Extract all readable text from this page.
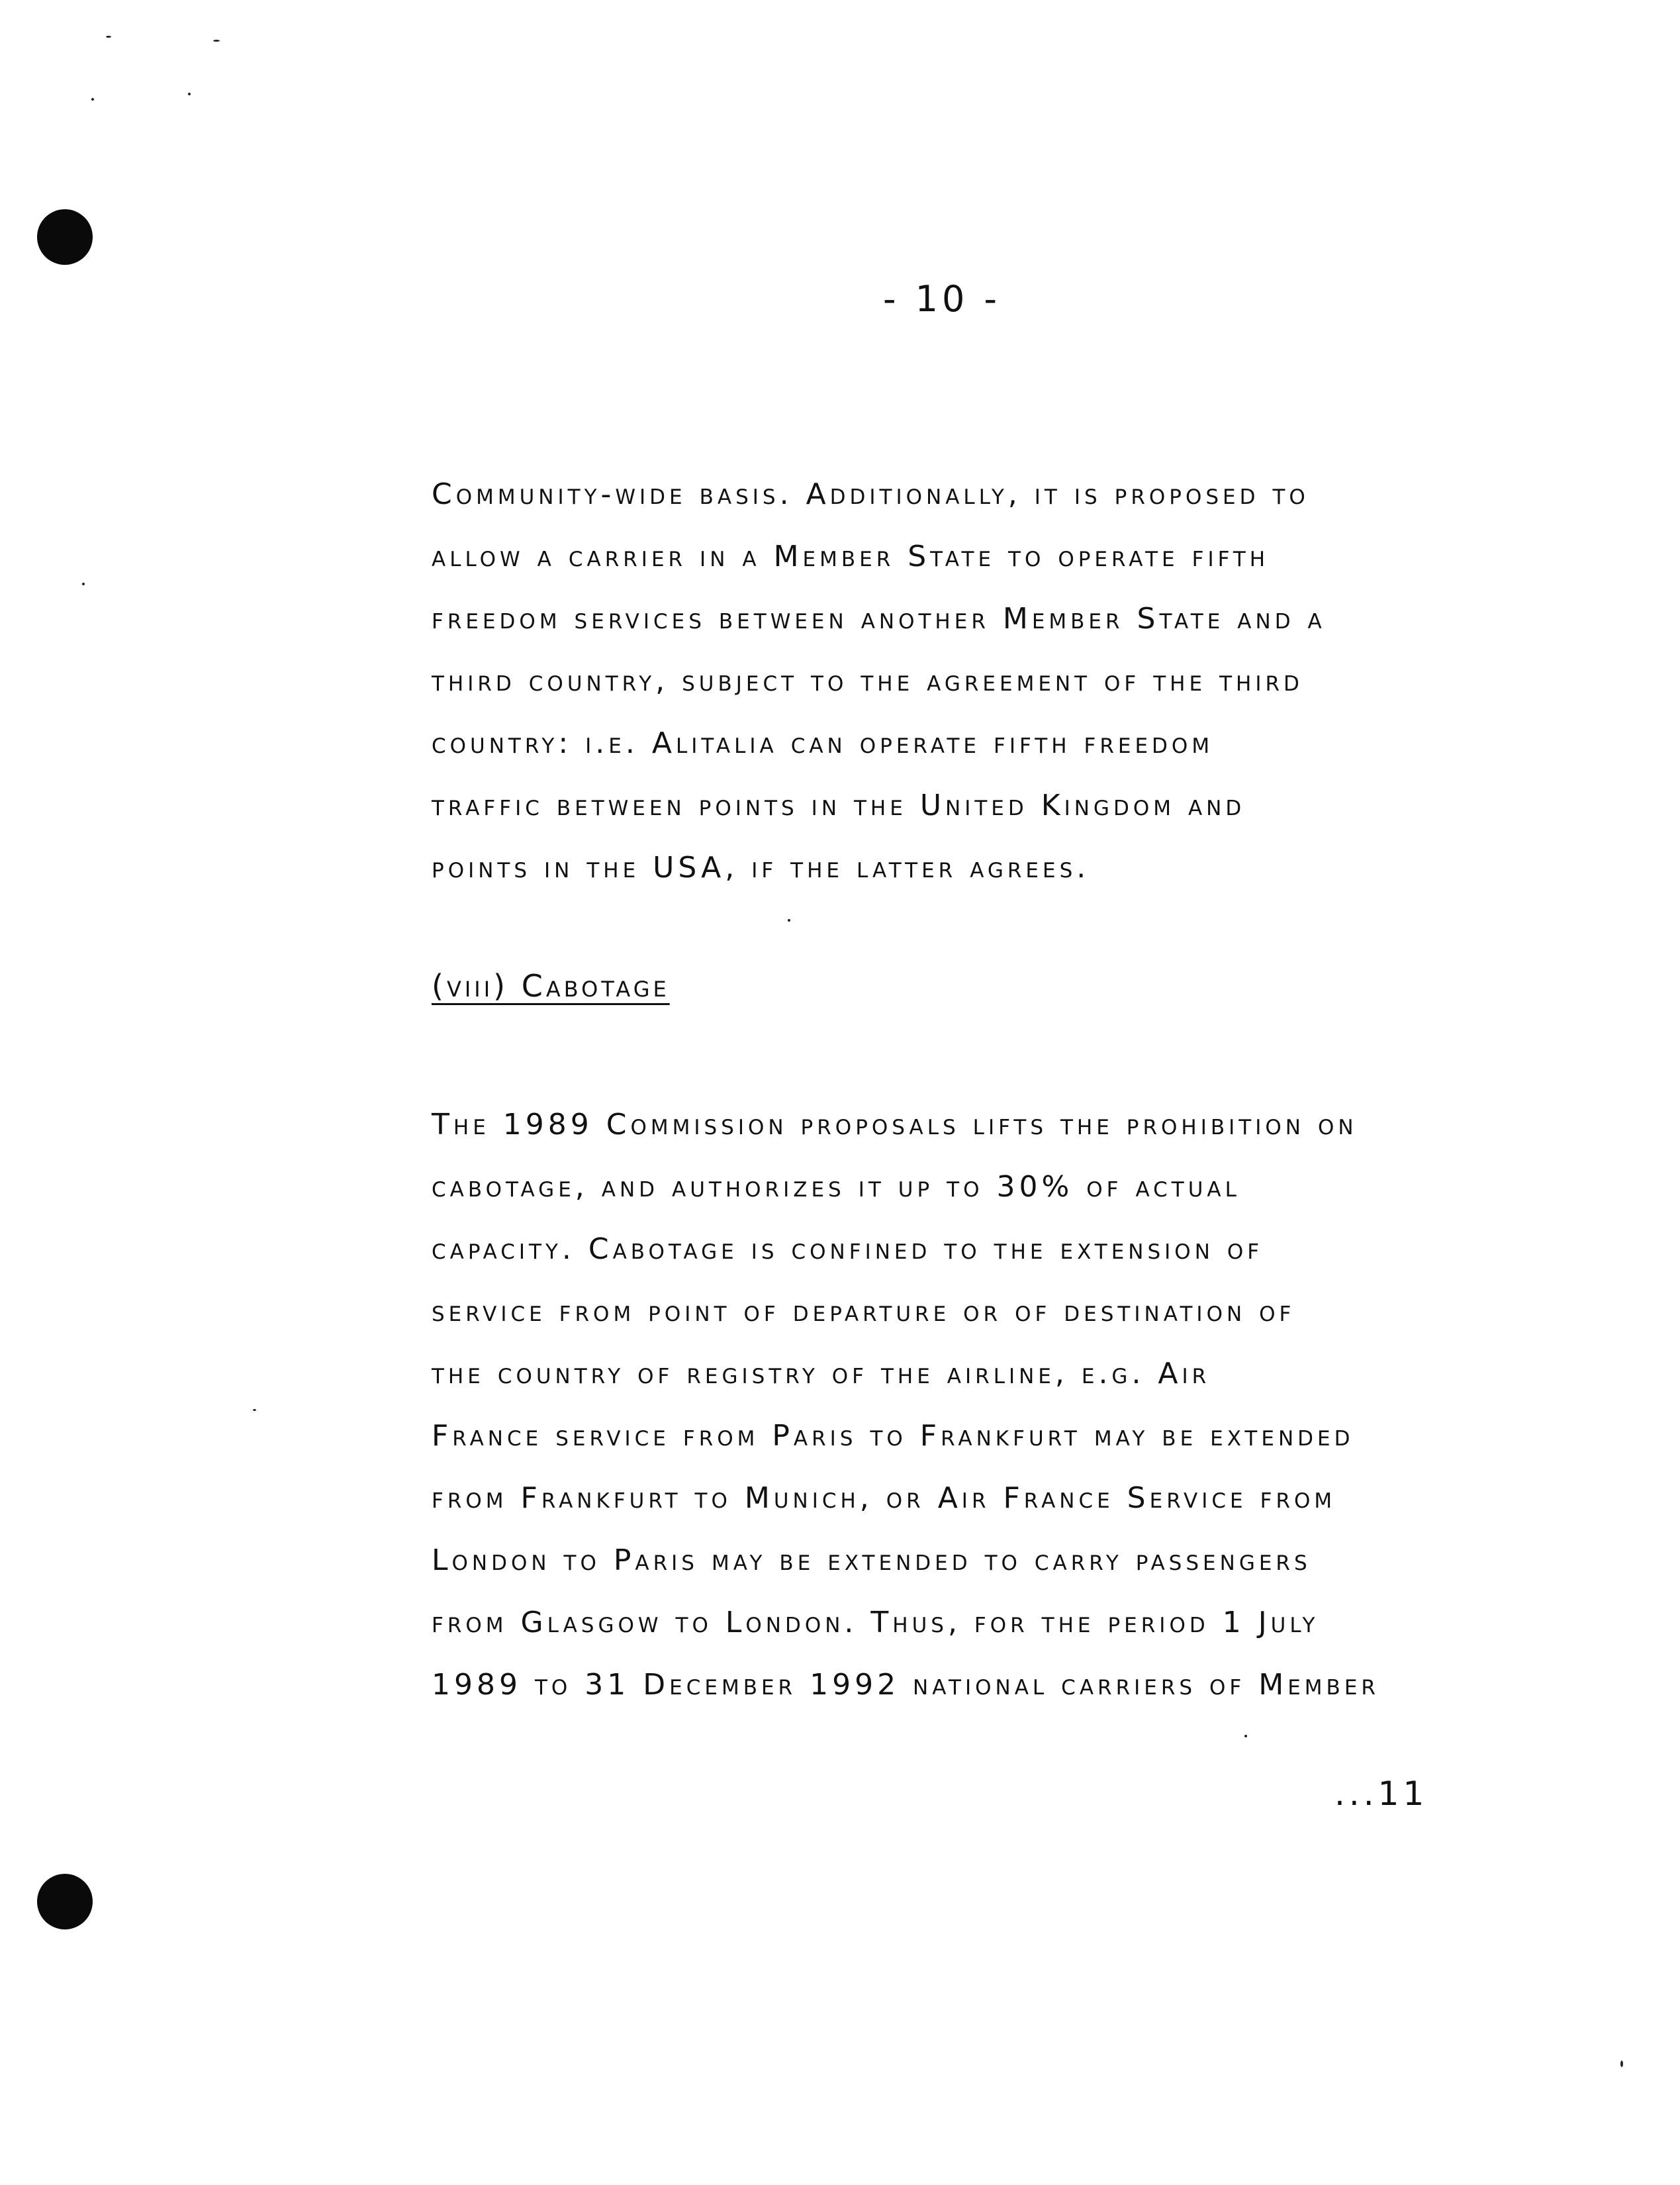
- 10 -
Community-wide basis. Additionally, it is proposed to
allow a carrier in a Member State to operate fifth
freedom services between another Member State and a
third country, subject to the agreement of the third
country: i.e. Alitalia can operate fifth freedom
traffic between points in the United Kingdom and
points in the USA, if the latter agrees.
(viii) Cabotage
The 1989 Commission proposals lifts the prohibition on
cabotage, and authorizes it up to 30% of actual
capacity. Cabotage is confined to the extension of
service from point of departure or of destination of
the country of registry of the airline, e.g. Air
France service from Paris to Frankfurt may be extended
from Frankfurt to Munich, or Air France Service from
London to Paris may be extended to carry passengers
from Glasgow to London. Thus, for the period 1 July
1989 to 31 December 1992 national carriers of Member
...11
